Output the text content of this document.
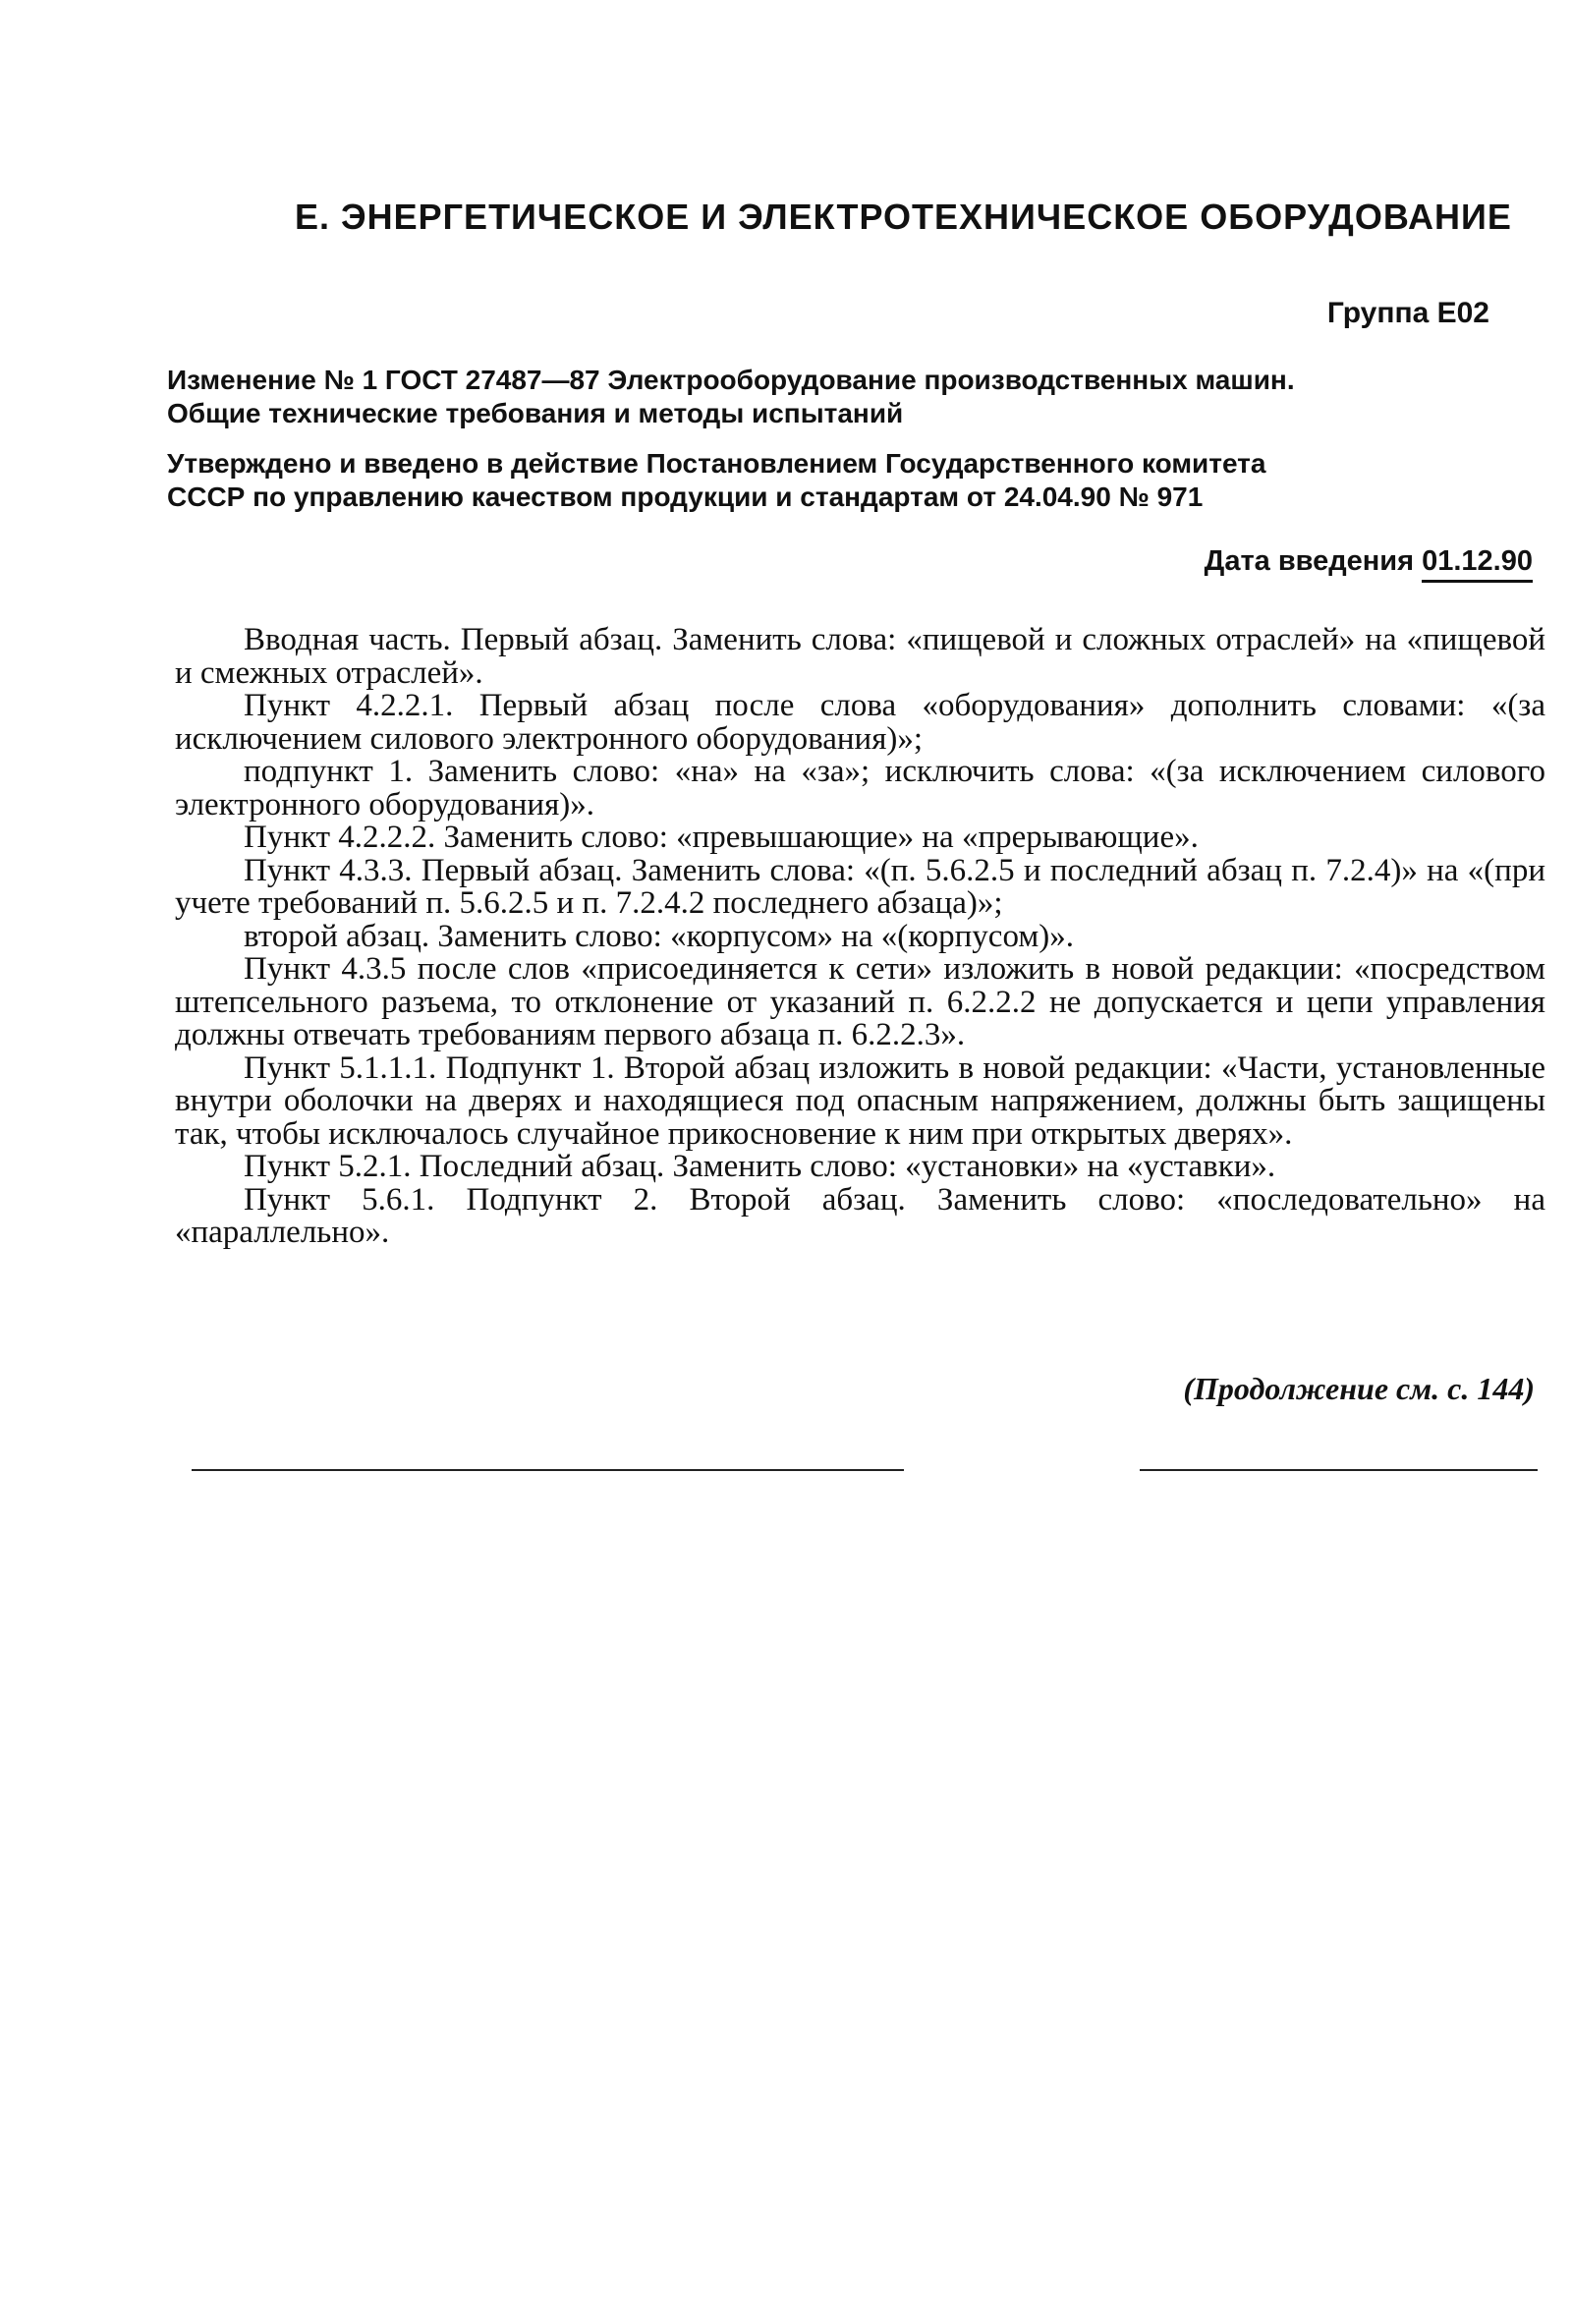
Е. ЭНЕРГЕТИЧЕСКОЕ И ЭЛЕКТРОТЕХНИЧЕСКОЕ ОБОРУДОВАНИЕ
Группа Е02
Изменение № 1 ГОСТ 27487—87 Электрооборудование производственных машин.
Общие технические требования и методы испытаний
Утверждено и введено в действие Постановлением Государственного комитета
СССР по управлению качеством продукции и стандартам от 24.04.90 № 971
Дата введения 01.12.90

Вводная часть. Первый абзац. Заменить слова: «пищевой и сложных отраслей» на «пищевой и смежных отраслей».

Пункт 4.2.2.1. Первый абзац после слова «оборудования» дополнить словами: «(за исключением силового электронного оборудования)»;

подпункт 1. Заменить слово: «на» на «за»; исключить слова: «(за исключением силового электронного оборудования)».

Пункт 4.2.2.2. Заменить слово: «превышающие» на «прерывающие».

Пункт 4.3.3. Первый абзац. Заменить слова: «(п. 5.6.2.5 и последний абзац п. 7.2.4)» на «(при учете требований п. 5.6.2.5 и п. 7.2.4.2 последнего абзаца)»;

второй абзац. Заменить слово: «корпусом» на «(корпусом)».

Пункт 4.3.5 после слов «присоединяется к сети» изложить в новой редакции: «посредством штепсельного разъема, то отклонение от указаний п. 6.2.2.2 не допускается и цепи управления должны отвечать требованиям первого абзаца п. 6.2.2.3».

Пункт 5.1.1.1. Подпункт 1. Второй абзац изложить в новой редакции: «Части, установленные внутри оболочки на дверях и находящиеся под опасным напряжением, должны быть защищены так, чтобы исключалось случайное прикосновение к ним при открытых дверях».

Пункт 5.2.1. Последний абзац. Заменить слово: «установки» на «уставки».

Пункт 5.6.1. Подпункт 2. Второй абзац. Заменить слово: «последовательно» на «параллельно».

(Продолжение см. с. 144)
